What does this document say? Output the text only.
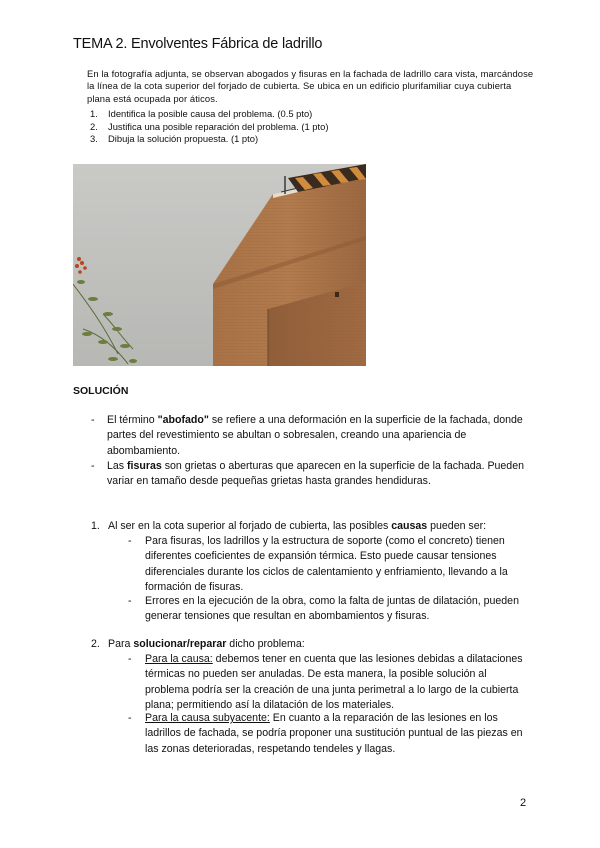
TEMA 2. Envolventes Fábrica de ladrillo
En la fotografía adjunta, se observan abogados y fisuras en la fachada de ladrillo cara vista, marcándose la línea de la cota superior del forjado de cubierta. Se ubica en un edificio plurifamiliar cuya cubierta plana está ocupada por áticos.
1. Identifica la posible causa del problema. (0.5 pto)
2. Justifica una posible reparación del problema. (1 pto)
3. Dibuja la solución propuesta. (1 pto)
SOLUCIÓN
- El término "abofado" se refiere a una deformación en la superficie de la fachada, donde partes del revestimiento se abultan o sobresalen, creando una apariencia de abombamiento.
- Las fisuras son grietas o aberturas que aparecen en la superficie de la fachada. Pueden variar en tamaño desde pequeñas grietas hasta grandes hendiduras.
1. Al ser en la cota superior al forjado de cubierta, las posibles causas pueden ser:
- Para fisuras, los ladrillos y la estructura de soporte (como el concreto) tienen diferentes coeficientes de expansión térmica. Esto puede causar tensiones diferenciales durante los ciclos de calentamiento y enfriamiento, llevando a la formación de fisuras.
- Errores en la ejecución de la obra, como la falta de juntas de dilatación, pueden generar tensiones que resultan en abombamientos y fisuras.
2. Para solucionar/reparar dicho problema:
- Para la causa: debemos tener en cuenta que las lesiones debidas a dilataciones térmicas no pueden ser anuladas. De esta manera, la posible solución al problema podría ser la creación de una junta perimetral a lo largo de la cubierta plana; permitiendo así la dilatación de los materiales.
- Para la causa subyacente: En cuanto a la reparación de las lesiones en los ladrillos de fachada, se podría proponer una sustitución puntual de las piezas en las zonas deterioradas, respetando tendeles y llagas.
2
